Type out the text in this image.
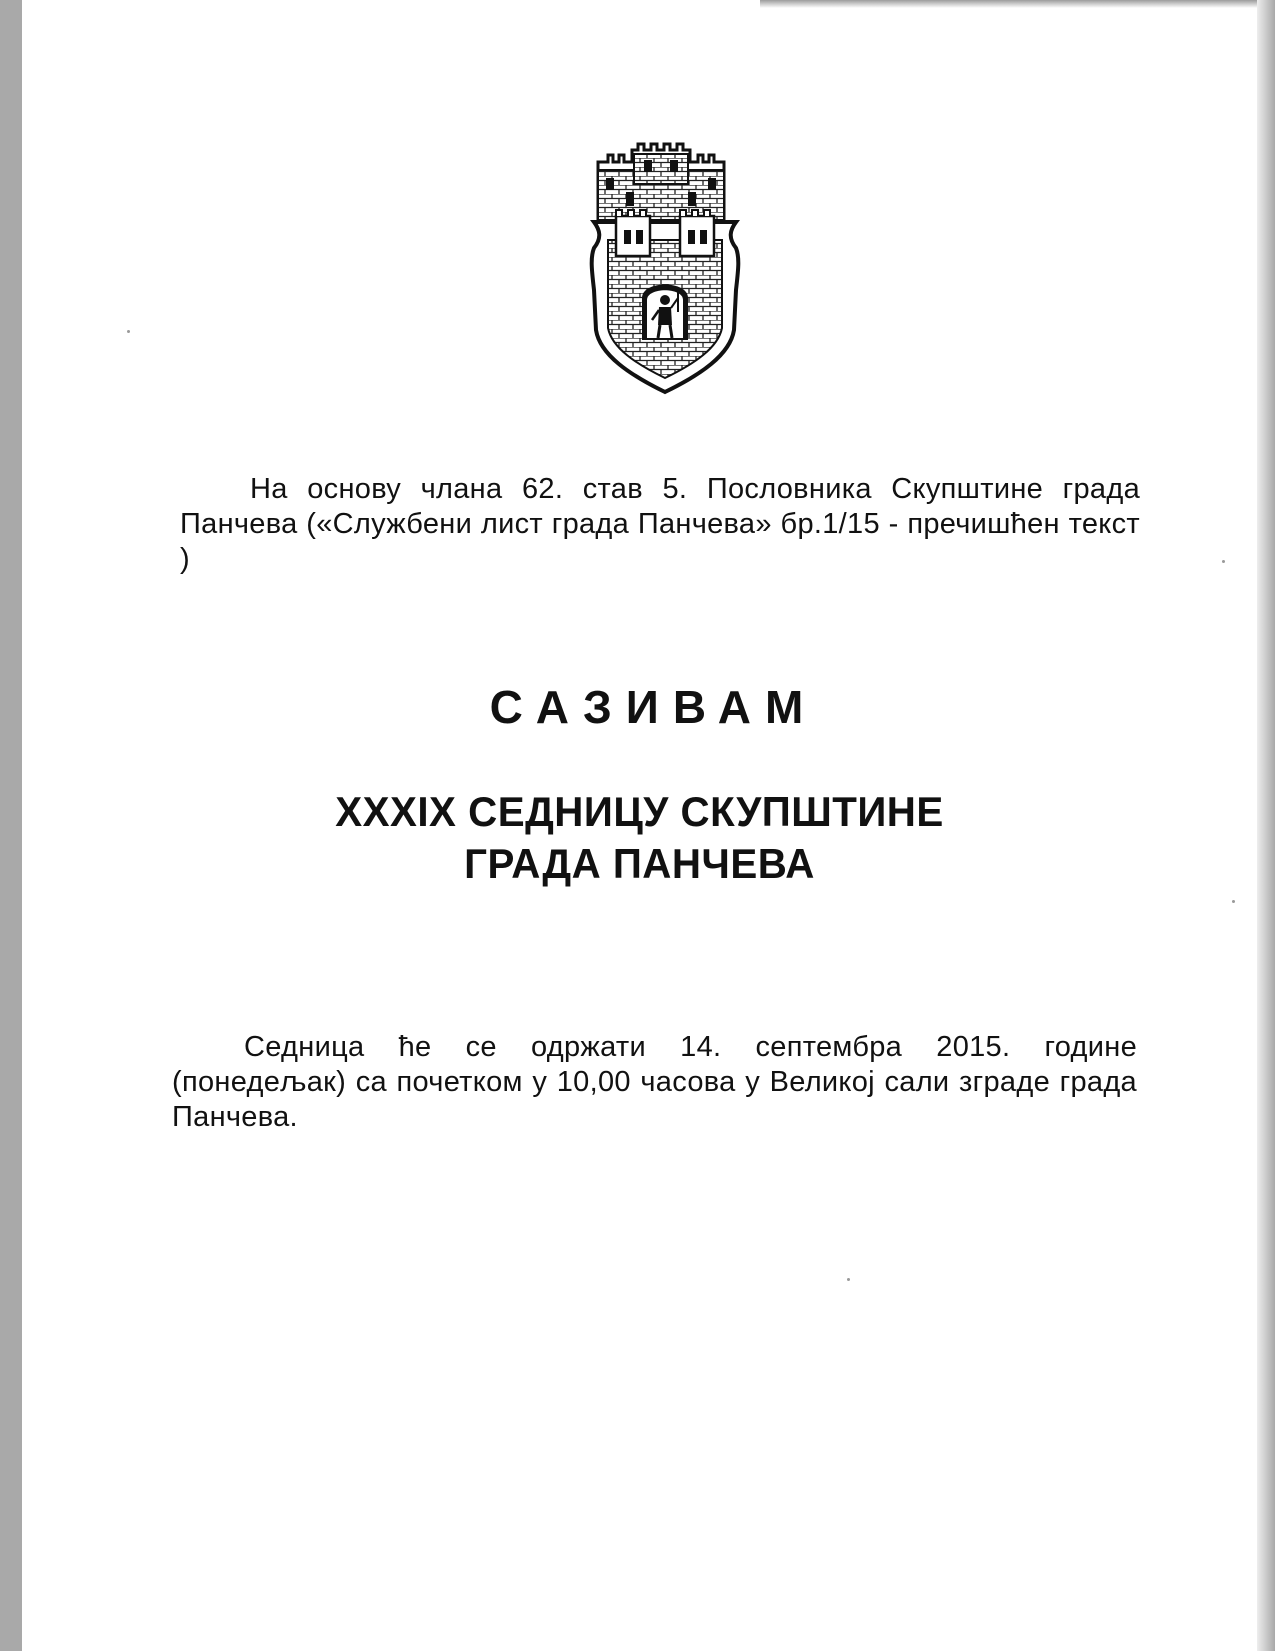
На основу члана 62. став 5. Пословника Скупштине града Панчева («Службени лист града Панчева» бр.1/15 - пречишћен текст )

САЗИВАМ
XXXIX СЕДНИЦУ СКУПШТИНЕ
ГРАДА ПАНЧЕВА

Седница ће се одржати 14. септембра 2015. године (понедељак) са почетком у 10,00 часова у Великој сали зграде града Панчева.
